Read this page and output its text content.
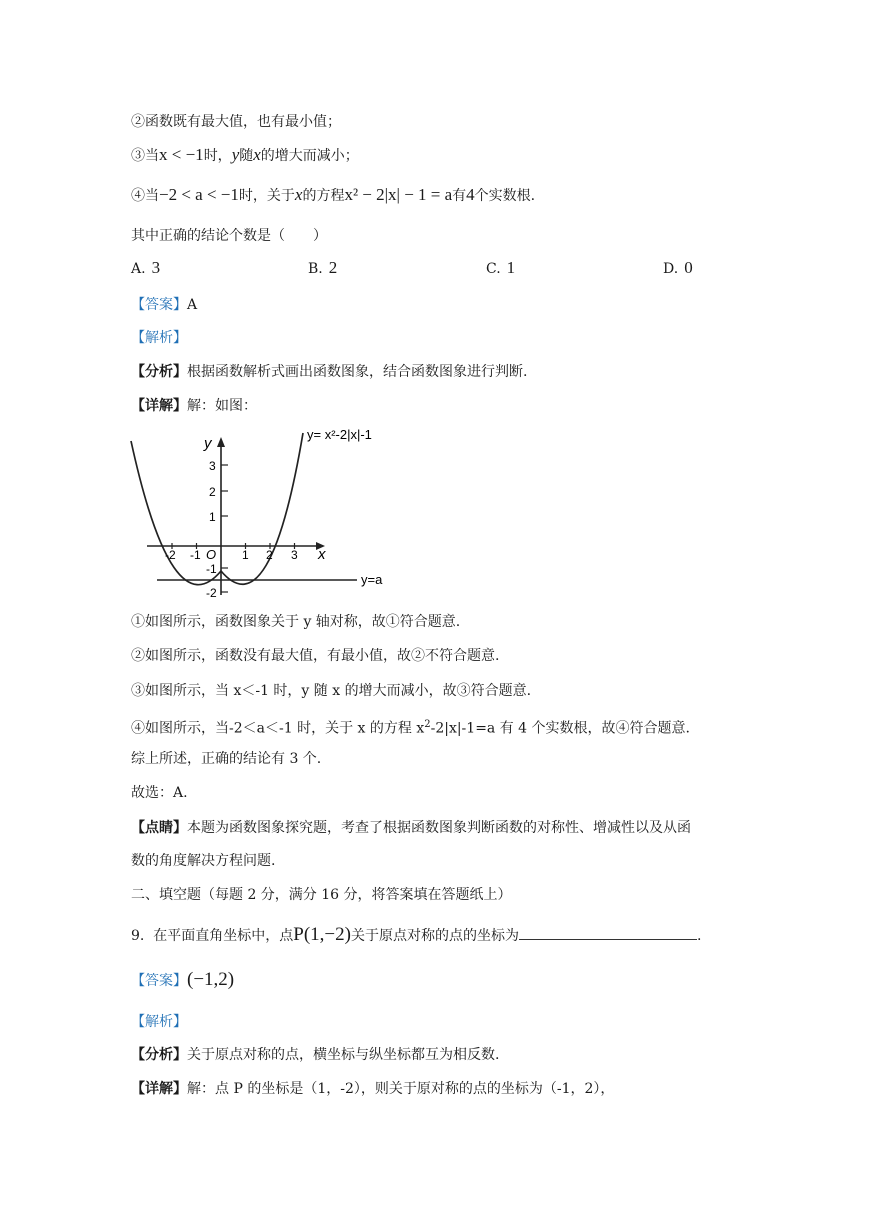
②函数既有最大值，也有最小值；
③当x < −1时，y随x的增大而减小；
④当−2 < a < −1时，关于x的方程x² − 2|x| − 1 = a有4个实数根.
其中正确的结论个数是（　　）
A. 3	B. 2	C. 1	D. 0
【答案】A
【解析】
【分析】根据函数解析式画出函数图象，结合函数图象进行判断.
【详解】解：如图：
y= x²-2|x|-1
y=a
x
y
O
-2 -1	1 2 3
3
2
1
-1
-2
①如图所示，函数图象关于 y 轴对称，故①符合题意.
②如图所示，函数没有最大值，有最小值，故②不符合题意.
③如图所示，当 x＜-1 时，y 随 x 的增大而减小，故③符合题意.
④如图所示，当-2＜a＜-1 时，关于 x 的方程 $x^2-2|x|-1=a$ 有 4 个实数根，故④符合题意.
综上所述，正确的结论有 3 个.
故选：A.
【点睛】本题为函数图象探究题，考查了根据函数图象判断函数的对称性、增减性以及从函
数的角度解决方程问题.
二、填空题（每题 2 分，满分 16 分，将答案填在答题纸上）
9. 在平面直角坐标中，点P(1,−2)关于原点对称的点的坐标为	.
【答案】(−1,2)
【解析】
【分析】关于原点对称的点，横坐标与纵坐标都互为相反数.
【详解】解：点 P 的坐标是（1，-2），则关于原对称的点的坐标为（-1，2），
